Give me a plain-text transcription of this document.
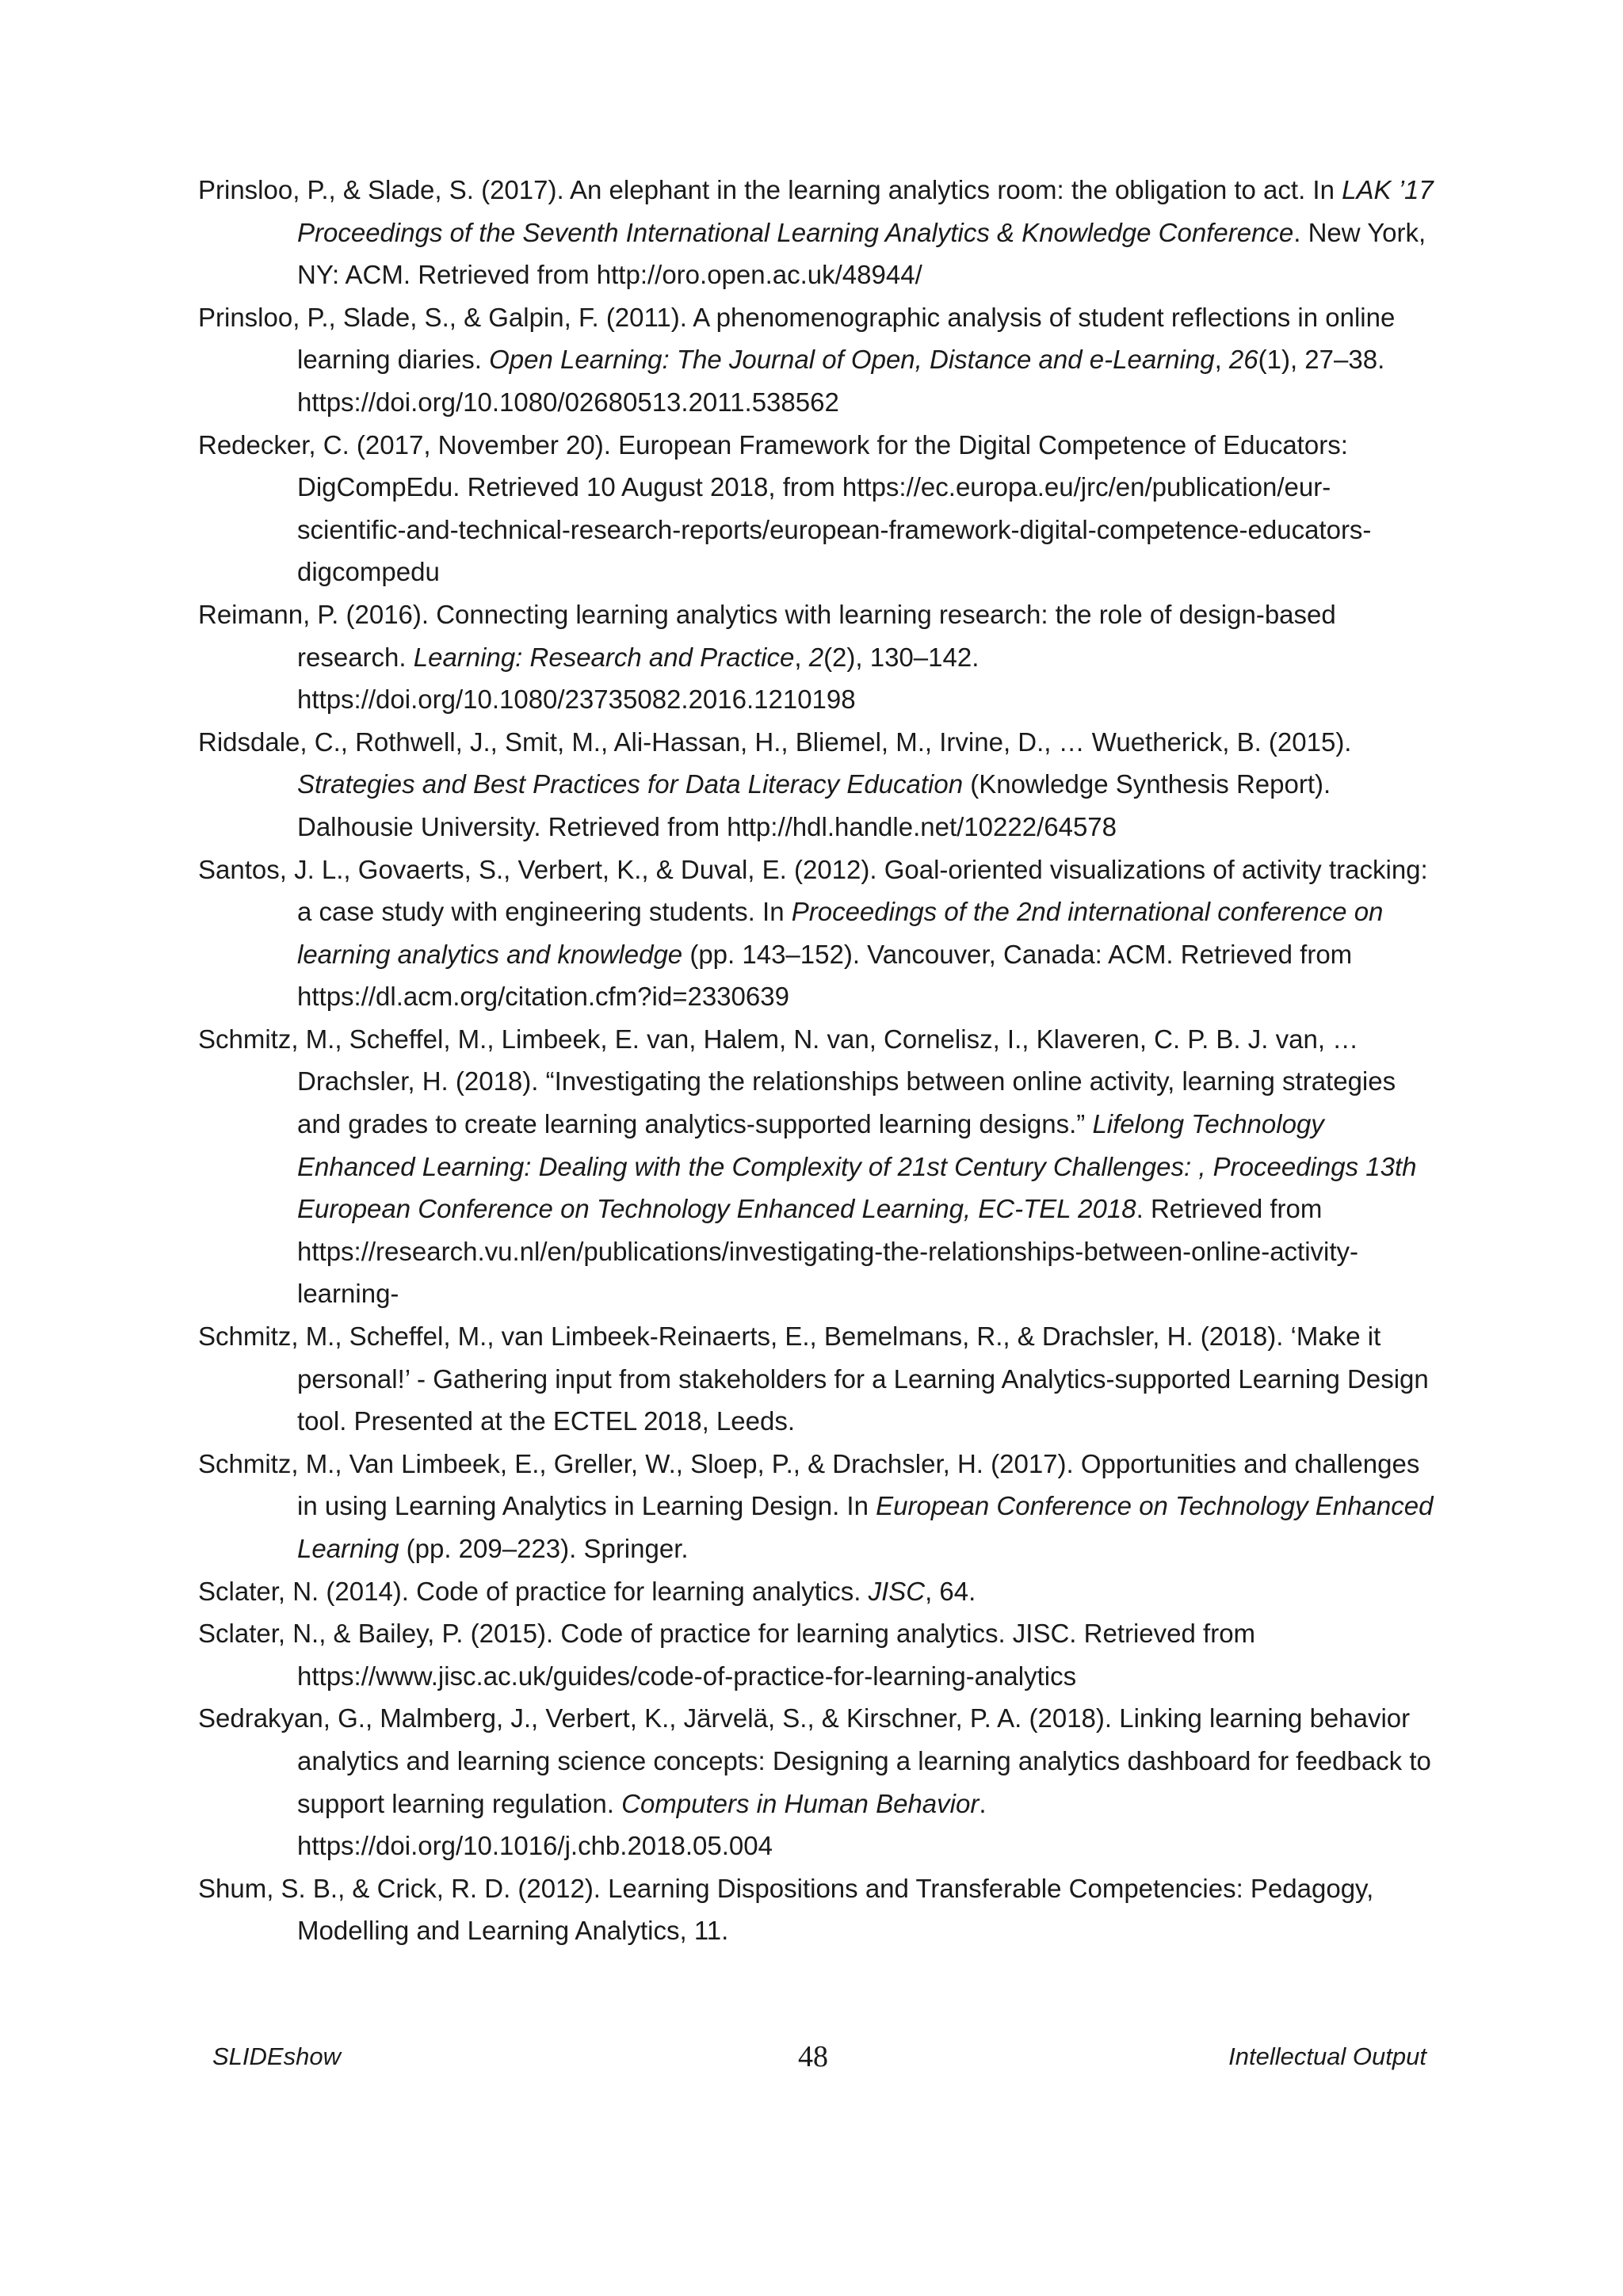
Prinsloo, P., & Slade, S. (2017). An elephant in the learning analytics room: the obligation to act. In LAK ’17 Proceedings of the Seventh International Learning Analytics & Knowledge Conference. New York, NY: ACM. Retrieved from http://oro.open.ac.uk/48944/
Prinsloo, P., Slade, S., & Galpin, F. (2011). A phenomenographic analysis of student reflections in online learning diaries. Open Learning: The Journal of Open, Distance and e-Learning, 26(1), 27–38. https://doi.org/10.1080/02680513.2011.538562
Redecker, C. (2017, November 20). European Framework for the Digital Competence of Educators: DigCompEdu. Retrieved 10 August 2018, from https://ec.europa.eu/jrc/en/publication/eur-scientific-and-technical-research-reports/european-framework-digital-competence-educators-digcompedu
Reimann, P. (2016). Connecting learning analytics with learning research: the role of design-based research. Learning: Research and Practice, 2(2), 130–142. https://doi.org/10.1080/23735082.2016.1210198
Ridsdale, C., Rothwell, J., Smit, M., Ali-Hassan, H., Bliemel, M., Irvine, D., … Wuetherick, B. (2015). Strategies and Best Practices for Data Literacy Education (Knowledge Synthesis Report). Dalhousie University. Retrieved from http://hdl.handle.net/10222/64578
Santos, J. L., Govaerts, S., Verbert, K., & Duval, E. (2012). Goal-oriented visualizations of activity tracking: a case study with engineering students. In Proceedings of the 2nd international conference on learning analytics and knowledge (pp. 143–152). Vancouver, Canada: ACM. Retrieved from https://dl.acm.org/citation.cfm?id=2330639
Schmitz, M., Scheffel, M., Limbeek, E. van, Halem, N. van, Cornelisz, I., Klaveren, C. P. B. J. van, … Drachsler, H. (2018). “Investigating the relationships between online activity, learning strategies and grades to create learning analytics-supported learning designs.” Lifelong Technology Enhanced Learning: Dealing with the Complexity of 21st Century Challenges: , Proceedings 13th European Conference on Technology Enhanced Learning, EC-TEL 2018. Retrieved from https://research.vu.nl/en/publications/investigating-the-relationships-between-online-activity-learning-
Schmitz, M., Scheffel, M., van Limbeek-Reinaerts, E., Bemelmans, R., & Drachsler, H. (2018). ‘Make it personal!’ - Gathering input from stakeholders for a Learning Analytics-supported Learning Design tool. Presented at the ECTEL 2018, Leeds.
Schmitz, M., Van Limbeek, E., Greller, W., Sloep, P., & Drachsler, H. (2017). Opportunities and challenges in using Learning Analytics in Learning Design. In European Conference on Technology Enhanced Learning (pp. 209–223). Springer.
Sclater, N. (2014). Code of practice for learning analytics. JISC, 64.
Sclater, N., & Bailey, P. (2015). Code of practice for learning analytics. JISC. Retrieved from https://www.jisc.ac.uk/guides/code-of-practice-for-learning-analytics
Sedrakyan, G., Malmberg, J., Verbert, K., Järvelä, S., & Kirschner, P. A. (2018). Linking learning behavior analytics and learning science concepts: Designing a learning analytics dashboard for feedback to support learning regulation. Computers in Human Behavior. https://doi.org/10.1016/j.chb.2018.05.004
Shum, S. B., & Crick, R. D. (2012). Learning Dispositions and Transferable Competencies: Pedagogy, Modelling and Learning Analytics, 11.
SLIDEshow	48	Intellectual Output
